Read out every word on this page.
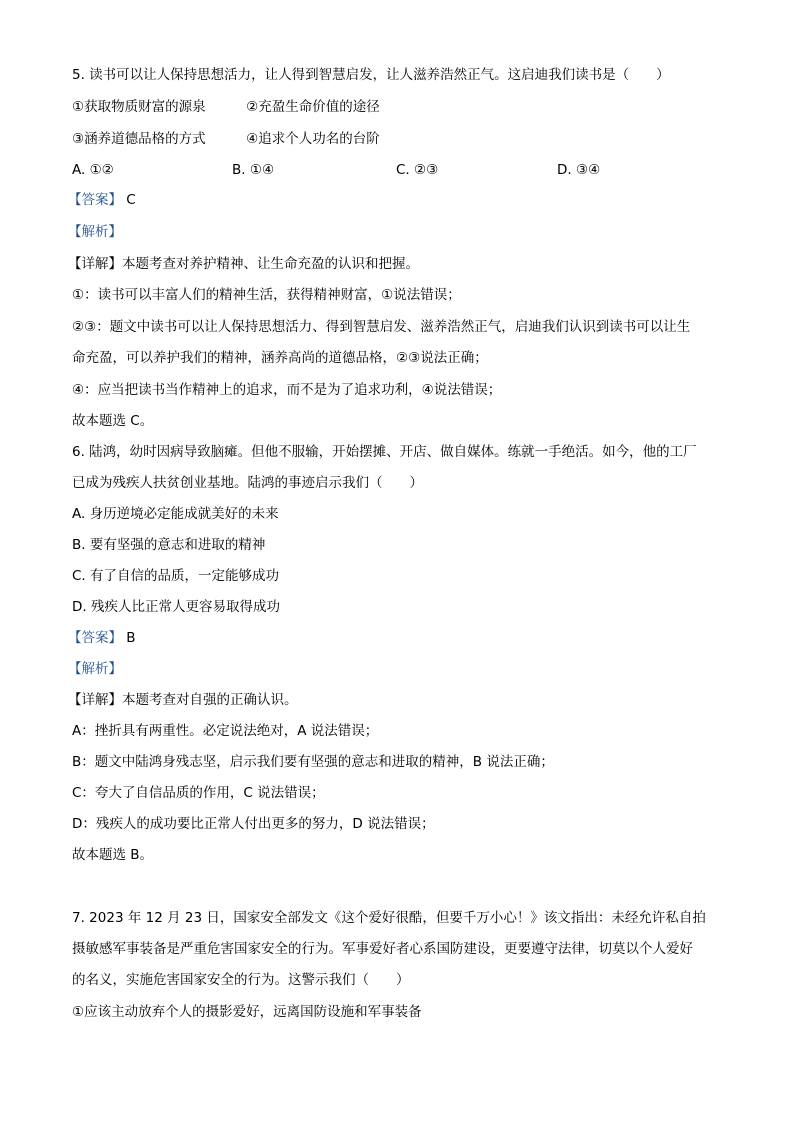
5. 读书可以让人保持思想活力，让人得到智慧启发，让人滋养浩然正气。这启迪我们读书是（　　）
①获取物质财富的源泉　　　②充盈生命价值的途径
③涵养道德品格的方式　　　④追求个人功名的台阶
A. ①②	B. ①④	C. ②③	D. ③④
【答案】 C
【解析】
【详解】本题考查对养护精神、让生命充盈的认识和把握。
①：读书可以丰富人们的精神生活，获得精神财富，①说法错误；
②③：题文中读书可以让人保持思想活力、得到智慧启发、滋养浩然正气，启迪我们认识到读书可以让生
命充盈，可以养护我们的精神，涵养高尚的道德品格，②③说法正确；
④：应当把读书当作精神上的追求，而不是为了追求功利，④说法错误；
故本题选 C。
6. 陆鸿，幼时因病导致脑瘫。但他不服输，开始摆摊、开店、做自媒体。练就一手绝活。如今，他的工厂
已成为残疾人扶贫创业基地。陆鸿的事迹启示我们（　　）
A. 身历逆境必定能成就美好的未来
B. 要有坚强的意志和进取的精神
C. 有了自信的品质，一定能够成功
D. 残疾人比正常人更容易取得成功
【答案】 B
【解析】
【详解】本题考查对自强的正确认识。
A：挫折具有两重性。必定说法绝对，A 说法错误；
B：题文中陆鸿身残志坚，启示我们要有坚强的意志和进取的精神，B 说法正确；
C：夸大了自信品质的作用，C 说法错误；
D：残疾人的成功要比正常人付出更多的努力，D 说法错误；
故本题选 B。
7. 2023 年 12 月 23 日，国家安全部发文《这个爱好很酷，但要千万小心！》该文指出：未经允许私自拍
摄敏感军事装备是严重危害国家安全的行为。军事爱好者心系国防建设，更要遵守法律，切莫以个人爱好
的名义，实施危害国家安全的行为。这警示我们（　　）
①应该主动放弃个人的摄影爱好，远离国防设施和军事装备
